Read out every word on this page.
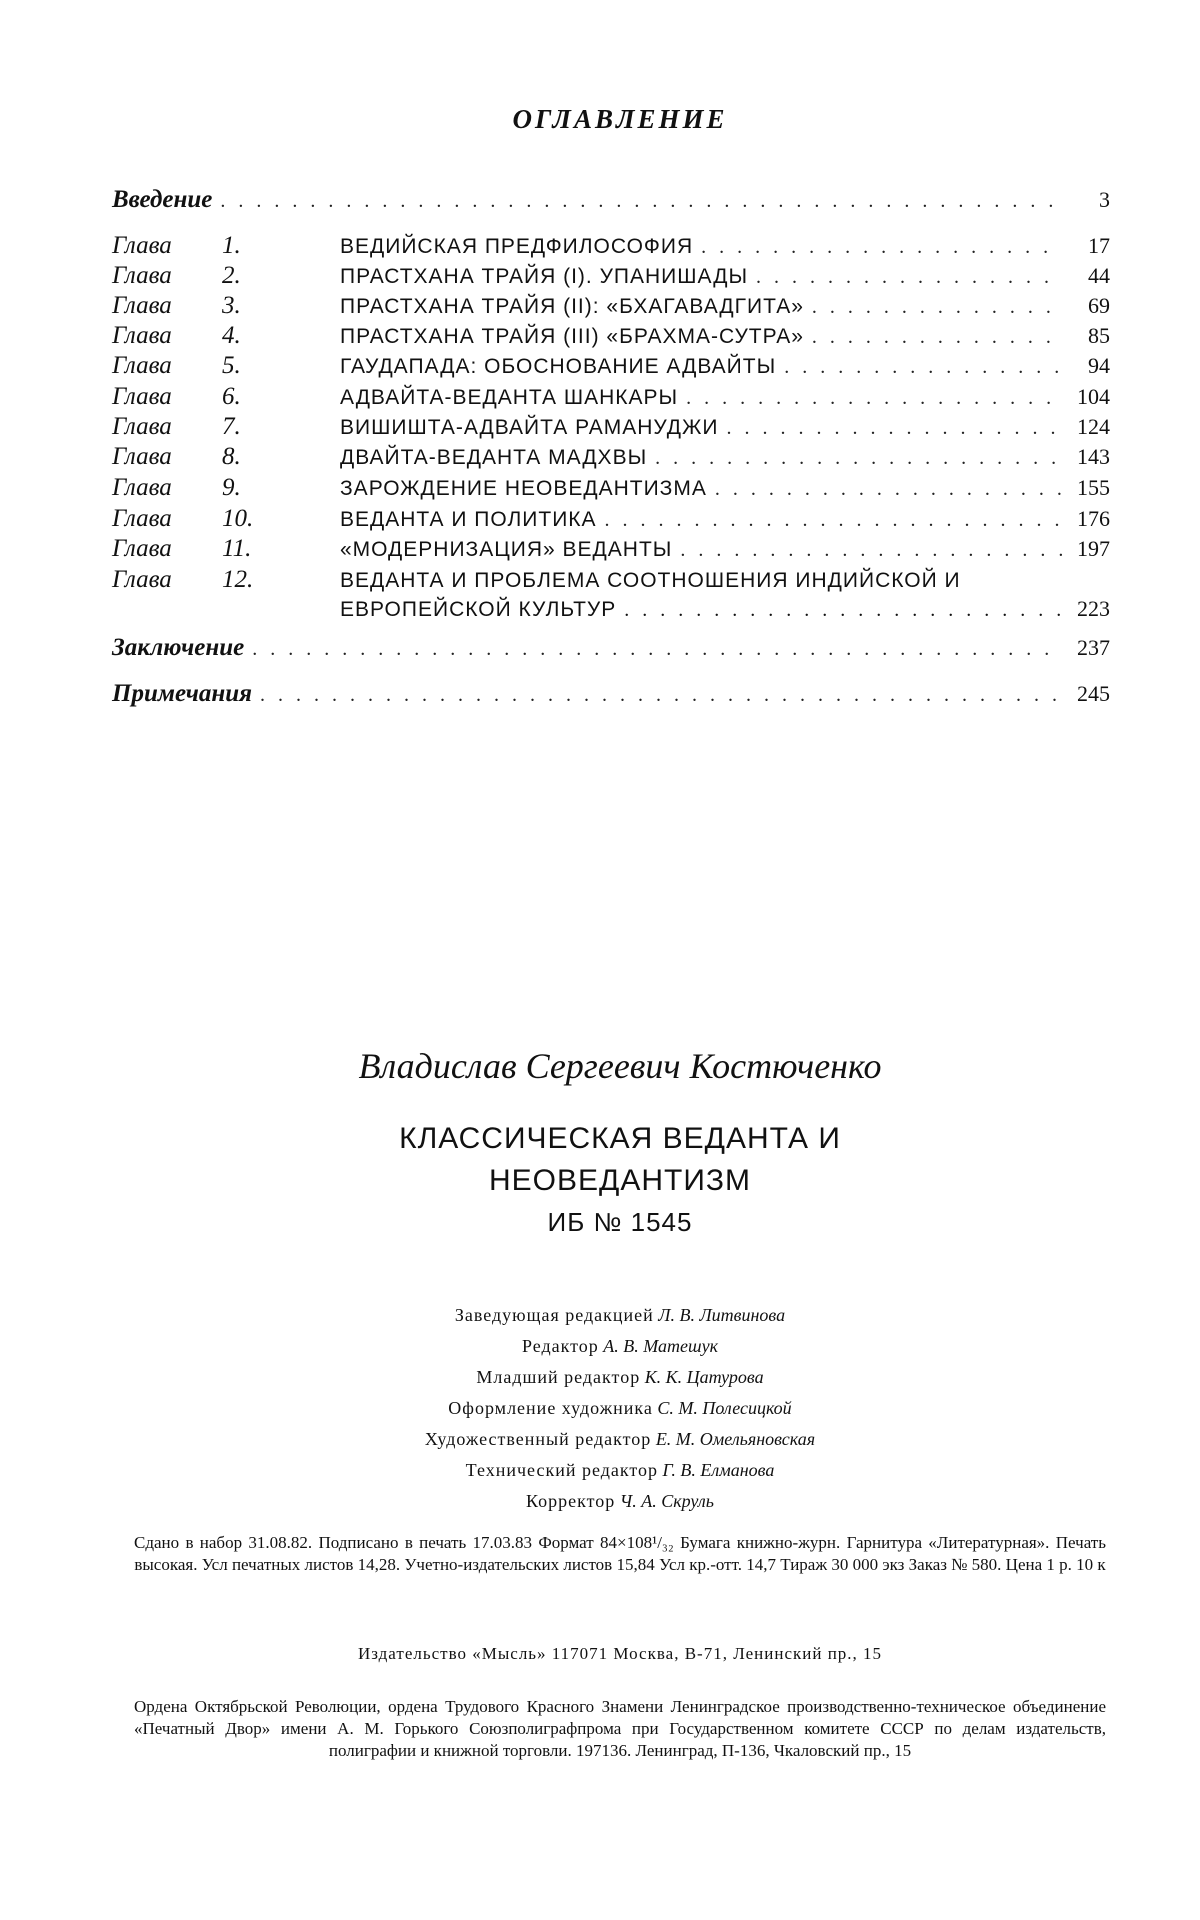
ОГЛАВЛЕНИЕ
Введение . . .	3
Глава	1.	ВЕДИЙСКАЯ ПРЕДФИЛОСОФИЯ . . .	17
Глава	2.	ПРАСТХАНА ТРАЙЯ (I). УПАНИШАДЫ . . .	44
Глава	3.	ПРАСТХАНА ТРАЙЯ (II): «БХАГАВАДГИТА» . . .	69
Глава	4.	ПРАСТХАНА ТРАЙЯ (III) «БРАХМА-СУТРА» . . .	85
Глава	5.	ГАУДАПАДА: ОБОСНОВАНИЕ АДВАЙТЫ . . .	94
Глава	6.	АДВАЙТА-ВЕДАНТА ШАНКАРЫ . . .	104
Глава	7.	ВИШИШТА-АДВАЙТА РАМАНУДЖИ . . .	124
Глава	8.	ДВАЙТА-ВЕДАНТА МАДХВЫ . . .	143
Глава	9.	ЗАРОЖДЕНИЕ НЕОВЕДАНТИЗМА . . .	155
Глава	10.	ВЕДАНТА И ПОЛИТИКА . . .	176
Глава	11.	«МОДЕРНИЗАЦИЯ» ВЕДАНТЫ . . .	197
Глава	12.	ВЕДАНТА И ПРОБЛЕМА СООТНОШЕНИЯ ИНДИЙСКОЙ И
ЕВРОПЕЙСКОЙ КУЛЬТУР . . .	223
Заключение . . .	237
Примечания . . .	245
Владислав Сергеевич Костюченко
КЛАССИЧЕСКАЯ ВЕДАНТА И
НЕОВЕДАНТИЗМ
ИБ № 1545
Заведующая редакцией Л. В. Литвинова
Редактор А. В. Матешук
Младший редактор К. К. Цатурова
Оформление художника С. М. Полесицкой
Художественный редактор Е. М. Омельяновская
Технический редактор Г. В. Елманова
Корректор Ч. А. Скруль
Сдано в набор 31.08.82. Подписано в печать 17.03.83 Формат 84×108¹/₃₂ Бумага книжно-журн. Гарнитура «Литературная». Печать высокая. Усл печатных листов 14,28. Учетно-издательских листов 15,84 Усл кр.-отт. 14,7 Тираж 30 000 экз Заказ № 580. Цена 1 р. 10 к
Издательство «Мысль» 117071 Москва, В-71, Ленинский пр., 15
Ордена Октябрьской Революции, ордена Трудового Красного Знамени Ленинградское производственно-техническое объединение «Печатный Двор» имени А. М. Горького Союзполиграфпрома при Государственном комитете СССР по делам издательств, полиграфии и книжной торговли. 197136. Ленинград, П-136, Чкаловский пр., 15
